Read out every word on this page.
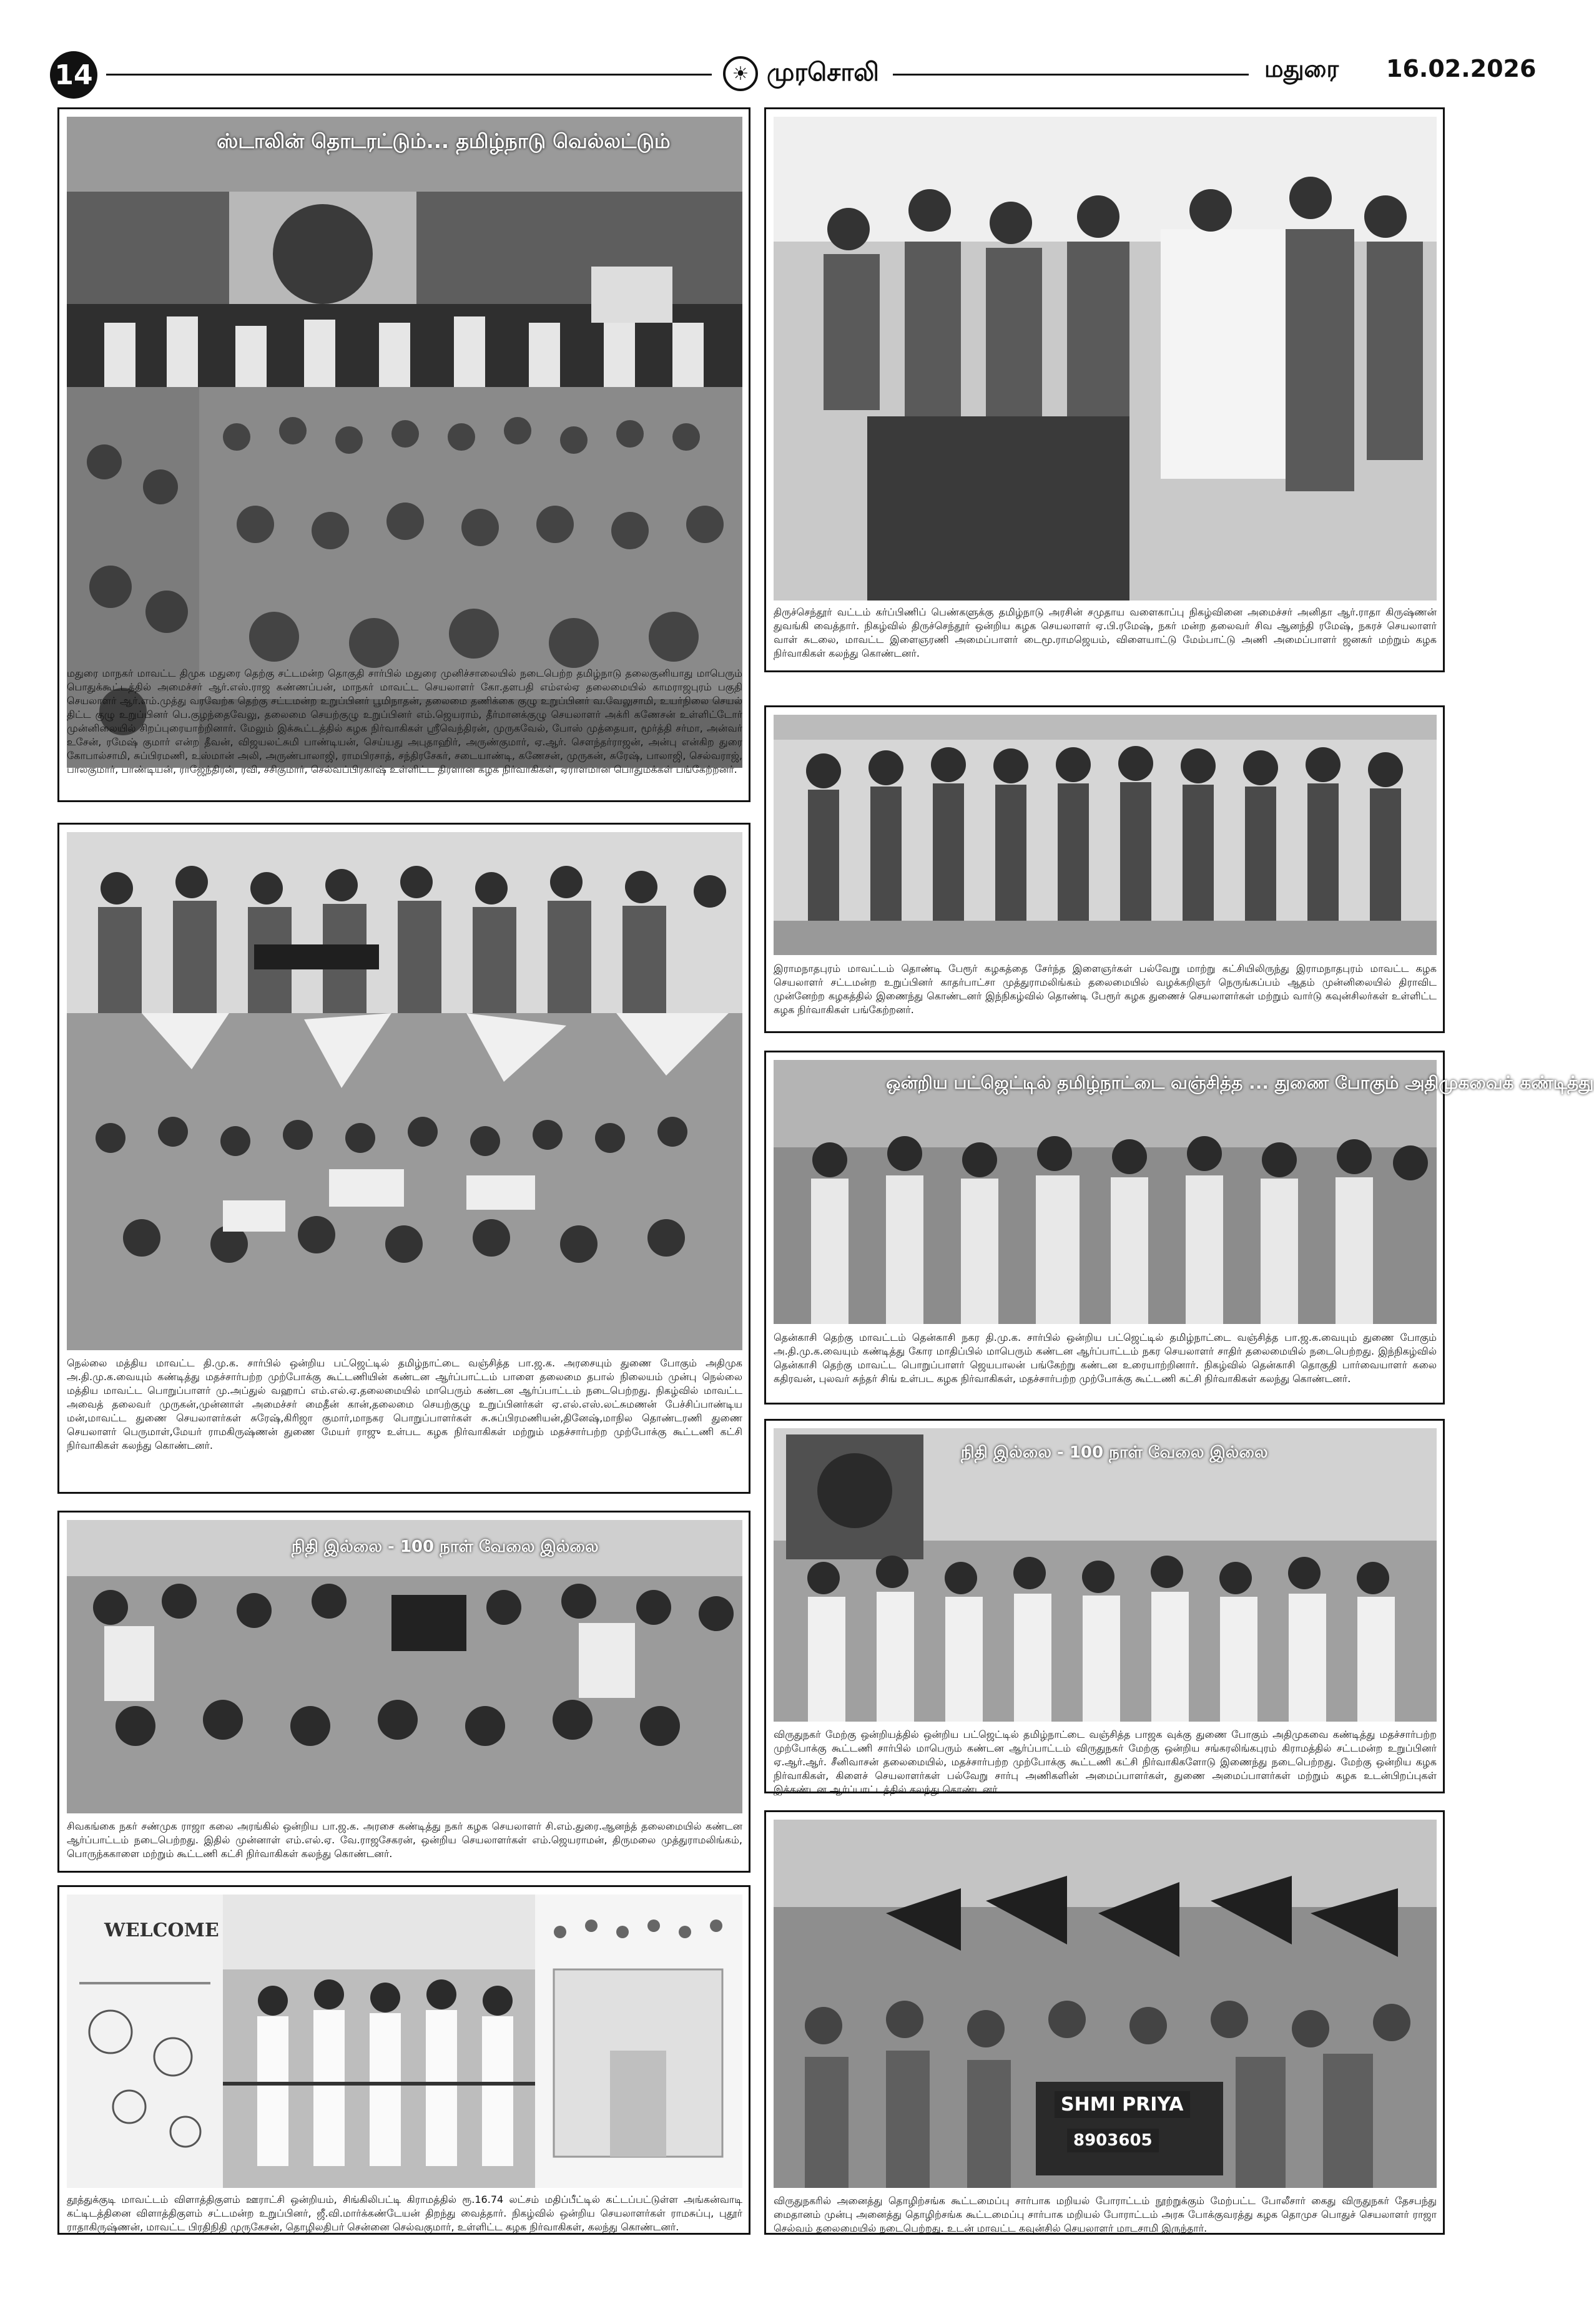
14	☀ முரசொலி	மதுரை 16.02.2026
ஸ்டாலின் தொடரட்டும்... தமிழ்நாடு வெல்லட்டும்
மதுரை மாநகர் மாவட்ட திமுக மதுரை தெற்கு சட்டமன்ற தொகுதி சார்பில் மதுரை முனிச்சாலையில் நடைபெற்ற தமிழ்நாடு தலைகுனியாது மாபெரும் பொதுக்கூட்டத்தில் அமைச்சர் ஆர்.எஸ்.ராஜ கண்ணப்பன், மாநகர் மாவட்ட செயலாளர் கோ.தளபதி எம்எல்ஏ தலைமையில் காமராஜபுரம் பகுதி செயலாளர் ஆர்.எம்.முத்து வரவேற்க தெற்கு சட்டமன்ற உறுப்பினர் பூமிநாதன், தலைமை தணிக்கை குழு உறுப்பினர் வ.வேலுசாமி, உயர்நிலை செயல் திட்ட குழு உறுப்பினர் பெ.குழந்தைவேலு, தலைமை செயற்குழு உறுப்பினர் எம்.ஜெயராம், தீர்மானக்குழு செயலாளர் அக்ரி கணேசன் உள்ளிட்டோர் முன்னிலையில் சிறப்புரையாற்றினார். மேலும் இக்கூட்டத்தில் கழக நிர்வாகிகள் ஸ்ரீவெந்திரன், முருகவேல், போஸ் முத்தையா, மூர்த்தி சர்மா, அன்வர் உசேன், ரமேஷ் குமார் என்ற தீவன், விஜயலட்சுமி பாண்டியன், செய்யது அபுதாஹிர், அருண்குமார், ஏ.ஆர். சௌந்தர்ராஜன், அன்பு என்கிற துரை கோபால்சாமி, சுப்பிரமணி, உஸ்மான் அலி, அருண்பாலாஜி, ராமபிரசாத், சந்திரசேகர், சடையாண்டி, கணேசன், முருகன், சுரேஷ், பாலாஜி, செல்வராஜ், பாலகுமார், பாண்டியன், ராஜேந்திரன், ரவி, சசிகுமார், செல்வப்பிரகாஷ் உள்ளிட்ட திரளான கழக நிர்வாகிகள், ஏராளமான பொதுமக்கள் பங்கேற்றனர்.
திருச்செந்தூர் வட்டம் கர்ப்பிணிப் பெண்களுக்கு தமிழ்நாடு அரசின் சமுதாய வளைகாப்பு நிகழ்வினை அமைச்சர் அனிதா ஆர்.ராதா கிருஷ்ணன் துவங்கி வைத்தார். நிகழ்வில் திருச்செந்தூர் ஒன்றிய கழக செயலாளர் ஏ.பி.ரமேஷ், நகர் மன்ற தலைவர் சிவ ஆனந்தி ரமேஷ், நகரச் செயலாளர் வாள் சுடலை, மாவட்ட இளைஞரணி அமைப்பாளர் டைமூ.ராமஜெயம், விளையாட்டு மேம்பாட்டு அணி அமைப்பாளர் ஜனகர் மற்றும் கழக நிர்வாகிகள் கலந்து கொண்டனர்.
இராமநாதபுரம் மாவட்டம் தொண்டி பேரூர் கழகத்தை சேர்ந்த இளைஞர்கள் பல்வேறு மாற்று கட்சியிலிருந்து இராமநாதபுரம் மாவட்ட கழக செயலாளர் சட்டமன்ற உறுப்பினர் காதர்பாட்சா முத்துராமலிங்கம் தலைமையில் வழக்கறிஞர் நெருங்கப்பம் ஆதம் முன்னிலையில் திராவிட முன்னேற்ற கழகத்தில் இணைந்து கொண்டனர் இந்நிகழ்வில் தொண்டி பேரூர் கழக துணைச் செயலாளர்கள் மற்றும் வார்டு கவுன்சிலர்கள் உள்ளிட்ட கழக நிர்வாகிகள் பங்கேற்றனர்.
நெல்லை மத்திய மாவட்ட தி.மு.க. சார்பில் ஒன்றிய பட்ஜெட்டில் தமிழ்நாட்டை வஞ்சித்த பா.ஜ.க. அரசையும் துணை போகும் அதிமுக அ.தி.மு.க.வையும் கண்டித்து மதச்சார்பற்ற முற்போக்கு கூட்டணியின் கண்டன ஆர்ப்பாட்டம் பாளை தலைமை தபால் நிலையம் முன்பு நெல்லை மத்திய மாவட்ட பொறுப்பாளர் மு.அப்துல் வஹாப் எம்.எல்.ஏ.தலைமையில் மாபெரும் கண்டன ஆர்ப்பாட்டம் நடைபெற்றது. நிகழ்வில் மாவட்ட அவைத் தலைவர் முருகன்,முன்னாள் அமைச்சர் மைதீன் கான்,தலைமை செயற்குழு உறுப்பினர்கள் ஏ.எல்.எஸ்.லட்சுமணன் பேச்சிப்பாண்டிய மன்,மாவட்ட துணை செயலாளர்கள் சுரேஷ்,கிரிஜா குமார்,மாநகர பொறுப்பாளர்கள் சு.சுப்பிரமணியன்,தினேஷ்,மாநில தொண்டரணி துணை செயலாளர் பெருமாள்,மேயர் ராமகிருஷ்ணன் துணை மேயர் ராஜு உள்பட கழக நிர்வாகிகள் மற்றும் மதச்சார்பற்ற முற்போக்கு கூட்டணி கட்சி நிர்வாகிகள் கலந்து கொண்டனர்.
ஒன்றிய பட்ஜெட்டில் தமிழ்நாட்டை வஞ்சித்த ... துணை போகும் அதிமுகவைக் கண்டித்து
தென்காசி தெற்கு மாவட்டம் தென்காசி நகர தி.மு.க. சார்பில் ஒன்றிய பட்ஜெட்டில் தமிழ்நாட்டை வஞ்சித்த பா.ஜ.க.வையும் துணை போகும் அ.தி.மு.க.வையும் கண்டித்து கோர மாதிப்பில் மாபெரும் கண்டன ஆர்ப்பாட்டம் நகர செயலாளர் சாதிர் தலைமையில் நடைபெற்றது. இந்நிகழ்வில் தென்காசி தெற்கு மாவட்ட பொறுப்பாளர் ஜெயபாலன் பங்கேற்று கண்டன உரையாற்றினார். நிகழ்வில் தென்காசி தொகுதி பார்வையாளர் கலை கதிரவன், புலவர் சுந்தர் சிங் உள்பட கழக நிர்வாகிகள், மதச்சார்பற்ற முற்போக்கு கூட்டணி கட்சி நிர்வாகிகள் கலந்து கொண்டனர்.
நிதி இல்லை - 100 நாள் வேலை இல்லை
சிவகங்கை நகர் சண்முக ராஜா கலை அரங்கில் ஒன்றிய பா.ஜ.க. அரசை கண்டித்து நகர் கழக செயலாளர் சி.எம்.துரை.ஆனந்த் தலைமையில் கண்டன ஆர்ப்பாட்டம் நடைபெற்றது. இதில் முன்னாள் எம்.எல்.ஏ. வே.ராஜசேகரன், ஒன்றிய செயலாளர்கள் எம்.ஜெயராமன், திருமலை முத்துராமலிங்கம், பொருந்ககாளை மற்றும் கூட்டணி கட்சி நிர்வாகிகள் கலந்து கொண்டனர்.
நிதி இல்லை - 100 நாள் வேலை இல்லை
விருதுநகர் மேற்கு ஒன்றியத்தில் ஒன்றிய பட்ஜெட்டில் தமிழ்நாட்டை வஞ்சித்த பாஜக வுக்கு துணை போகும் அதிமுகவை கண்டித்து மதச்சார்பற்ற முற்போக்கு கூட்டணி சார்பில் மாபெரும் கண்டன ஆர்ப்பாட்டம் விருதுநகர் மேற்கு ஒன்றிய சங்கரலிங்கபுரம் கிராமத்தில் சட்டமன்ற உறுப்பினர் ஏ.ஆர்.ஆர். சீனிவாசன் தலைமையில், மதச்சார்பற்ற முற்போக்கு கூட்டணி கட்சி நிர்வாகிகளோடு இணைந்து நடைபெற்றது. மேற்கு ஒன்றிய கழக நிர்வாகிகள், கிளைச் செயலாளர்கள் பல்வேறு சார்பு அணிகளின் அமைப்பாளர்கள், துணை அமைப்பாளர்கள் மற்றும் கழக உடன்பிறப்புகள் இக்கண்டன ஆர்ப்பாட்டத்தில் கலந்து கொண்டனர்.
WELCOME
தூத்துக்குடி மாவட்டம் விளாத்திகுளம் ஊராட்சி ஒன்றியம், சிங்கிலிபட்டி கிராமத்தில் ரூ.16.74 லட்சம் மதிப்பீட்டில் கட்டப்பட்டுள்ள அங்கன்வாடி கட்டிடத்தினை விளாத்திகுளம் சட்டமன்ற உறுப்பினர், ஜீ.வி.மார்க்கண்டேயன் திறந்து வைத்தார். நிகழ்வில் ஒன்றிய செயலாளர்கள் ராமசுப்பு, புதூர் ராதாகிருஷ்ணன், மாவட்ட பிரதிநிதி முருகேசன், தொழிலதிபர் சென்னை செல்வகுமார், உள்ளிட்ட கழக நிர்வாகிகள், கலந்து கொண்டனர்.
SHMI PRIYA
8903605
விருதுநகரில் அனைத்து தொழிற்சங்க கூட்டமைப்பு சார்பாக மறியல் போராட்டம் நூற்றுக்கும் மேற்பட்ட போலீசார் கைது விருதுநகர் தேசபந்து மைதானம் முன்பு அனைத்து தொழிற்சங்க கூட்டமைப்பு சார்பாக மறியல் போராட்டம் அரசு போக்குவரத்து கழக தொமுச பொதுச் செயலாளர் ராஜா செல்வம் தலைமையில் நடைபெற்றது. உடன் மாவட்ட கவுன்சில் செயலாளர் மாடசாமி இருந்தார்.
